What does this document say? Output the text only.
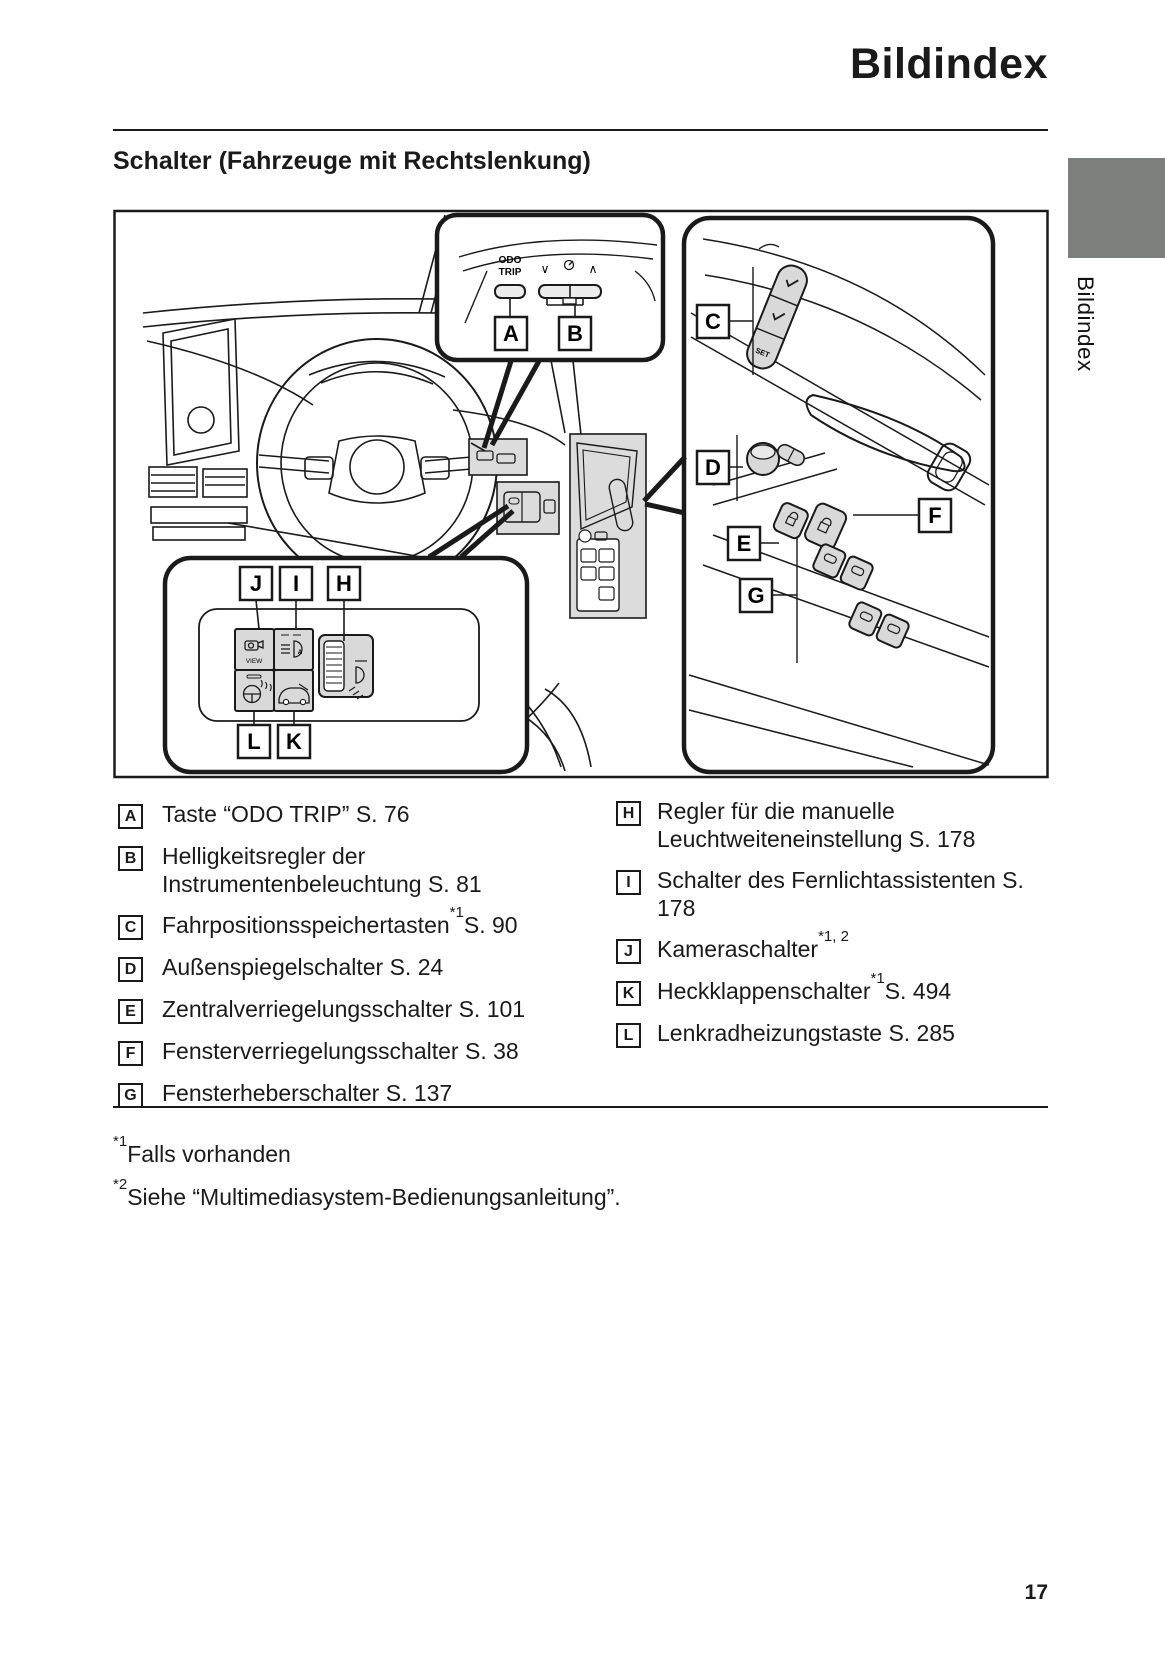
Bildindex
Schalter (Fahrzeuge mit Rechtslenkung)
Bildindex
ODO
TRIP ∨	∧
A B
SET
C
D
E
F
G
VIEW
A
J I H
L K
A Taste “ODO TRIP” S. 76
B Helligkeitsregler der Instrumentenbeleuchtung S. 81
C Fahrpositionsspeichertasten$^{*1}$S. 90
D Außenspiegelschalter S. 24
E Zentralverriegelungsschalter S. 101
F Fensterverriegelungsschalter S. 38
G Fensterheberschalter S. 137
H Regler für die manuelle Leuchtweiteneinstellung S. 178
I Schalter des Fernlichtassistenten S. 178
J Kameraschalter$^{*1, 2}$
K Heckklappenschalter$^{*1}$S. 494
L Lenkradheizungstaste S. 285
$^{*1}$Falls vorhanden
$^{*2}$Siehe “Multimediasystem-Bedienungsanleitung”.
17
